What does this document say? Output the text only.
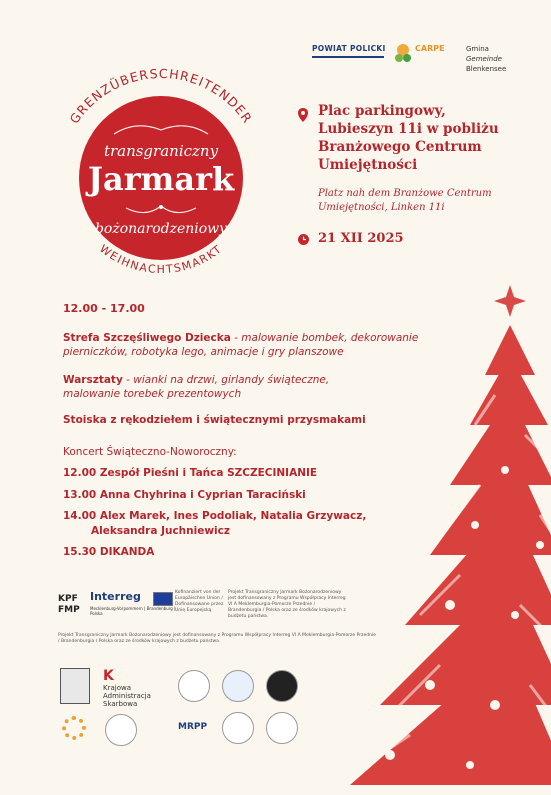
POWIAT POLICKI	CARPE	Gmina
Gemeinde
Blenkensee
GRENZÜBERSCHREITENDER
WEIHNACHTSMARKT
transgraniczny
Jarmark
bożonarodzeniowy
Plac parkingowy,
Lubieszyn 11i w pobliżu
Branżowego Centrum
Umiejętności
Platz nah dem Branżowe Centrum
Umiejętności, Linken 11i
21 XII 2025
12.00 - 17.00
Strefa Szczęśliwego Dziecka - malowanie bombek, dekorowanie
pierniczków, robotyka lego, animacje i gry planszowe
Warsztaty - wianki na drzwi, girlandy świąteczne,
malowanie torebek prezentowych
Stoiska z rękodziełem i świątecznymi przysmakami
Koncert Świąteczno-Noworoczny:
12.00 Zespół Pieśni i Tańca SZCZECINIANIE
13.00 Anna Chyhrina i Cyprian Taraciński
14.00 Alex Marek, Ines Podoliak, Natalia Grzywacz,
Aleksandra Juchniewicz
15.30 DIKANDA
KPF
FMP
Interreg
Mecklenburg-Vorpommern | Brandenburg | Polska
Kofinanziert von der Europäischen Union / Dofinansowane przez Unię Europejską
Projekt Transgraniczny Jarmark Bożonarodzeniowy jest dofinansowany z Programu Współpracy Interreg VI A Meklemburgia-Pomorze Przednie / Brandenburgia / Polska oraz ze środków krajowych z budżetu państwa.
Projekt Transgraniczny Jarmark Bożonarodzeniowy jest dofinansowany z Programu Współpracy Interreg VI A Meklemburgia-Pomorze Przednie / Brandenburgia / Polska oraz ze środków krajowych z budżetu państwa.
K
Krajowa Administracja
Skarbowa
MRPP
